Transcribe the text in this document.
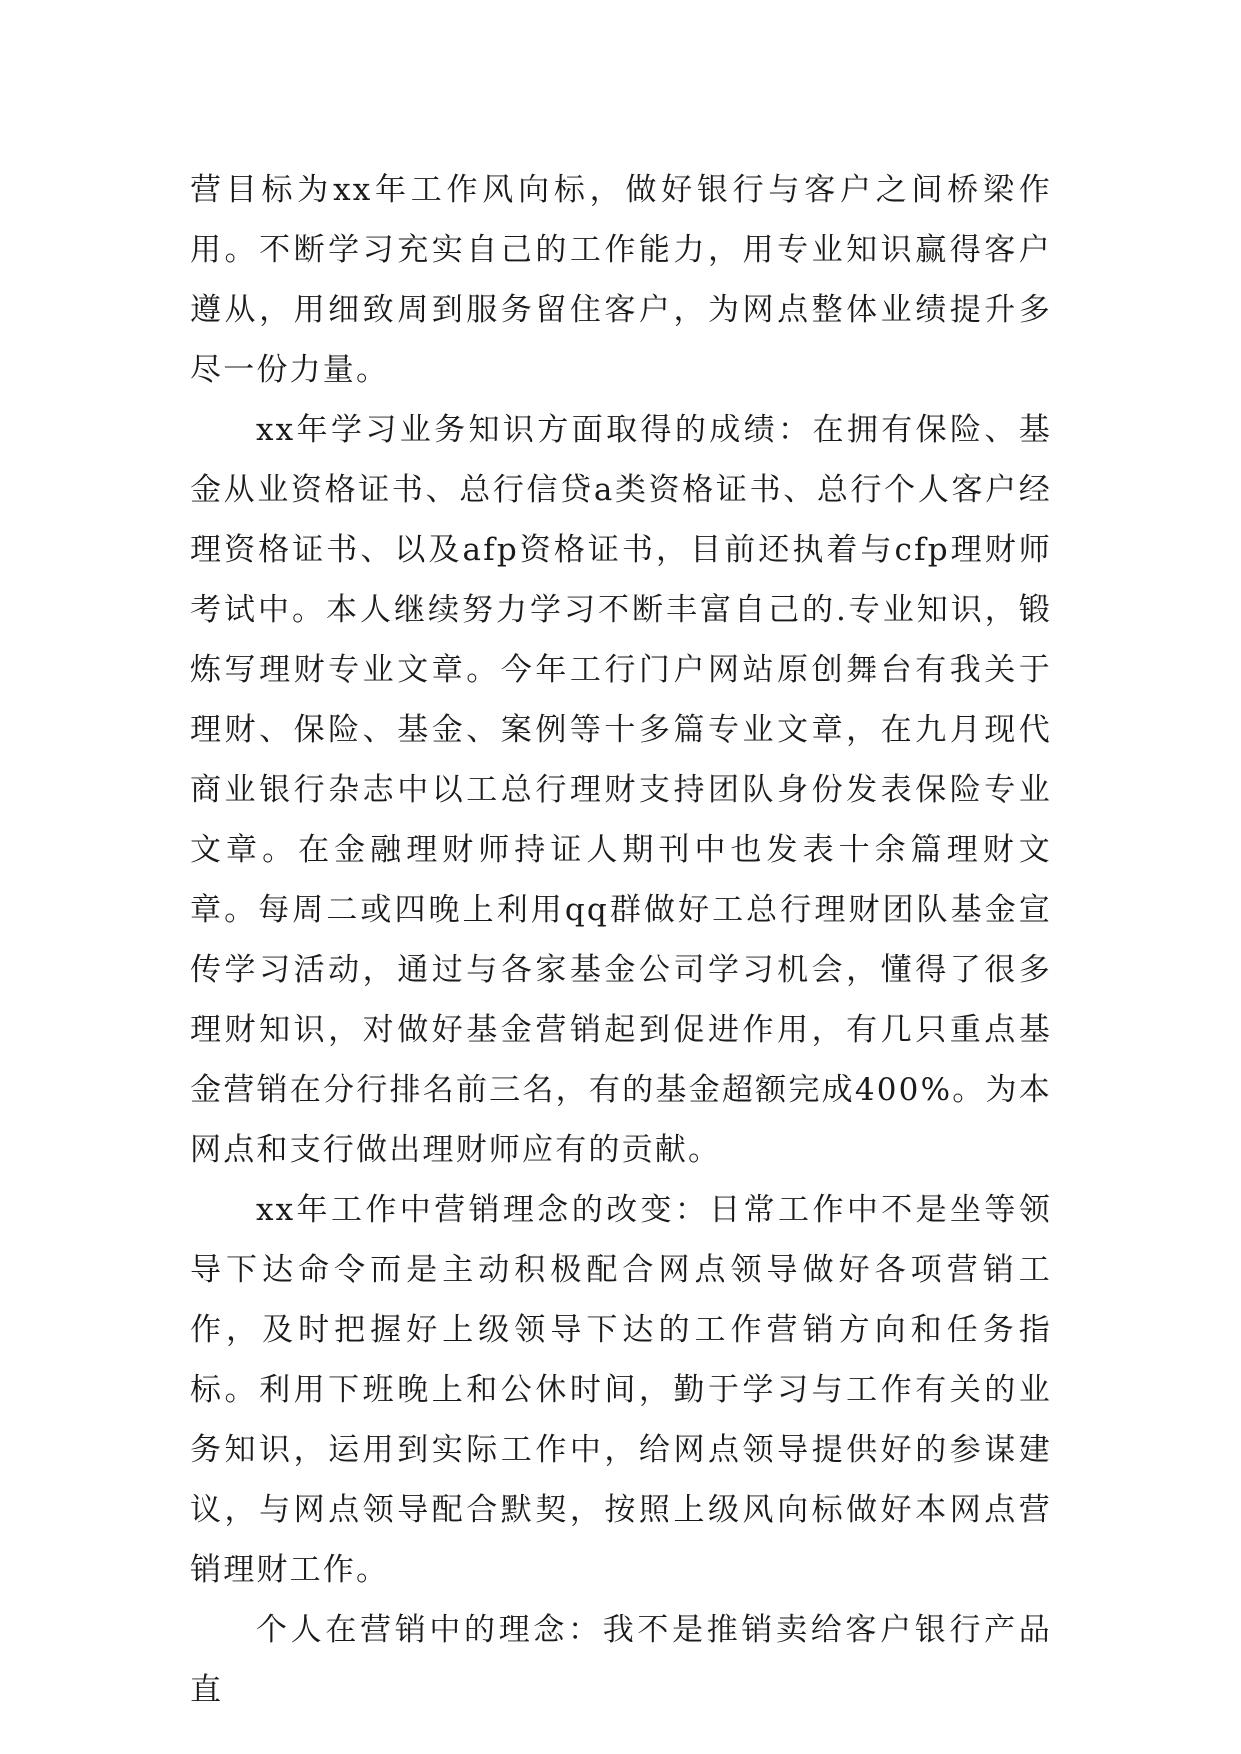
营目标为xx年工作风向标，做好银行与客户之间桥梁作用。不断学习充实自己的工作能力，用专业知识赢得客户遵从，用细致周到服务留住客户，为网点整体业绩提升多尽一份力量。

xx年学习业务知识方面取得的成绩：在拥有保险、基金从业资格证书、总行信贷a类资格证书、总行个人客户经理资格证书、以及afp资格证书，目前还执着与cfp理财师考试中。本人继续努力学习不断丰富自己的.专业知识，锻炼写理财专业文章。今年工行门户网站原创舞台有我关于理财、保险、基金、案例等十多篇专业文章，在九月现代商业银行杂志中以工总行理财支持团队身份发表保险专业文章。在金融理财师持证人期刊中也发表十余篇理财文章。每周二或四晚上利用qq群做好工总行理财团队基金宣传学习活动，通过与各家基金公司学习机会，懂得了很多理财知识，对做好基金营销起到促进作用，有几只重点基金营销在分行排名前三名，有的基金超额完成400%。为本网点和支行做出理财师应有的贡献。

xx年工作中营销理念的改变：日常工作中不是坐等领导下达命令而是主动积极配合网点领导做好各项营销工作，及时把握好上级领导下达的工作营销方向和任务指标。利用下班晚上和公休时间，勤于学习与工作有关的业务知识，运用到实际工作中，给网点领导提供好的参谋建议，与网点领导配合默契，按照上级风向标做好本网点营销理财工作。

个人在营销中的理念：我不是推销卖给客户银行产品直
